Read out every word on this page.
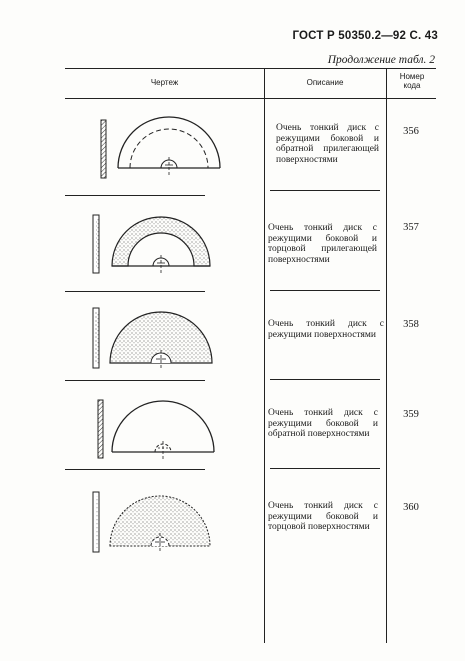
ГОСТ Р 50350.2—92 С. 43
Продолжение табл. 2
Чертеж	Описание
Номер кода
Очень тонкий диск с режущими боковой и обратной прилегающей поверхностями
Очень тонкий диск с режущими боковой и торцовой прилегающей поверхностями
Очень тонкий диск с режущими поверхностями
Очень тонкий диск с режущими боковой и обратной поверхностями
Очень тонкий диск с режущими боковой и торцовой поверхностями
356
357
358
359
360
